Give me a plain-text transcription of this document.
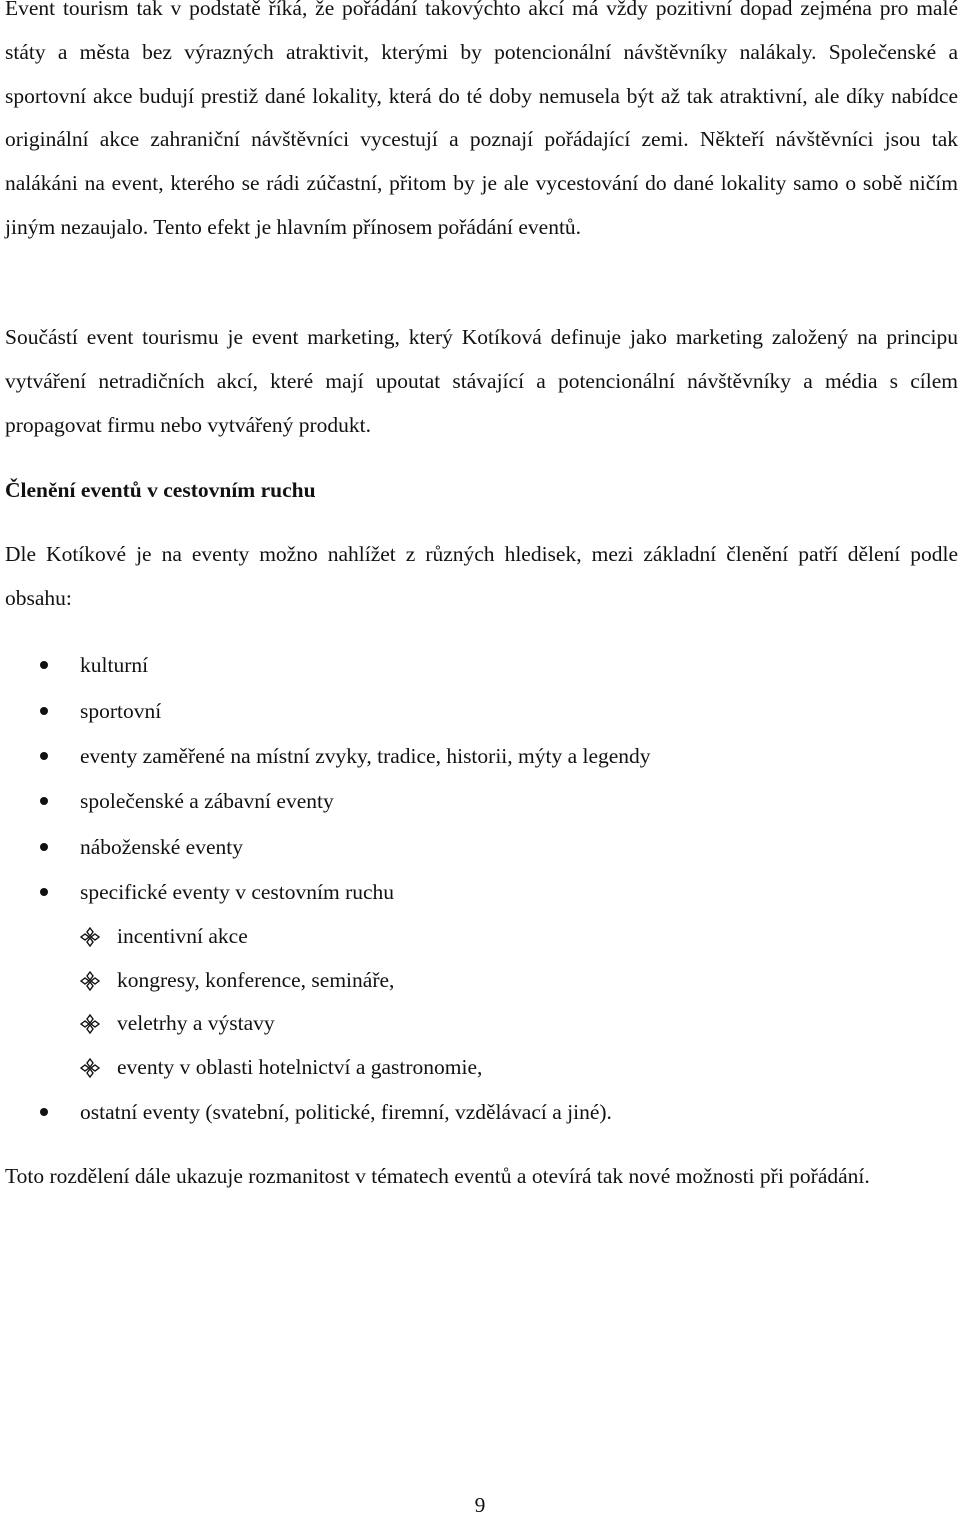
Event tourism tak v podstatě říká, že pořádání takovýchto akcí má vždy pozitivní dopad zejména pro malé státy a města bez výrazných atraktivit, kterými by potencionální návštěvníky nalákaly. Společenské a sportovní akce budují prestiž dané lokality, která do té doby nemusela být až tak atraktivní, ale díky nabídce originální akce zahraniční návštěvníci vycestují a poznají pořádající zemi. Někteří návštěvníci jsou tak nalákáni na event, kterého se rádi zúčastní, přitom by je ale vycestování do dané lokality samo o sobě ničím jiným nezaujalo. Tento efekt je hlavním přínosem pořádání eventů.

Součástí event tourismu je event marketing, který Kotíková definuje jako marketing založený na principu vytváření netradičních akcí, které mají upoutat stávající a potencionální návštěvníky a média s cílem propagovat firmu nebo vytvářený produkt.

Členění eventů v cestovním ruchu

Dle Kotíkové je na eventy možno nahlížet z různých hledisek, mezi základní členění patří dělení podle obsahu:

kulturní
sportovní
eventy zaměřené na místní zvyky, tradice, historii, mýty a legendy
společenské a zábavní eventy
náboženské eventy
specifické eventy v cestovním ruchu
incentivní akce
kongresy, konference, semináře,
veletrhy a výstavy
eventy v oblasti hotelnictví a gastronomie,
ostatní eventy (svatební, politické, firemní, vzdělávací a jiné).

Toto rozdělení dále ukazuje rozmanitost v tématech eventů a otevírá tak nové možnosti při pořádání.

9
